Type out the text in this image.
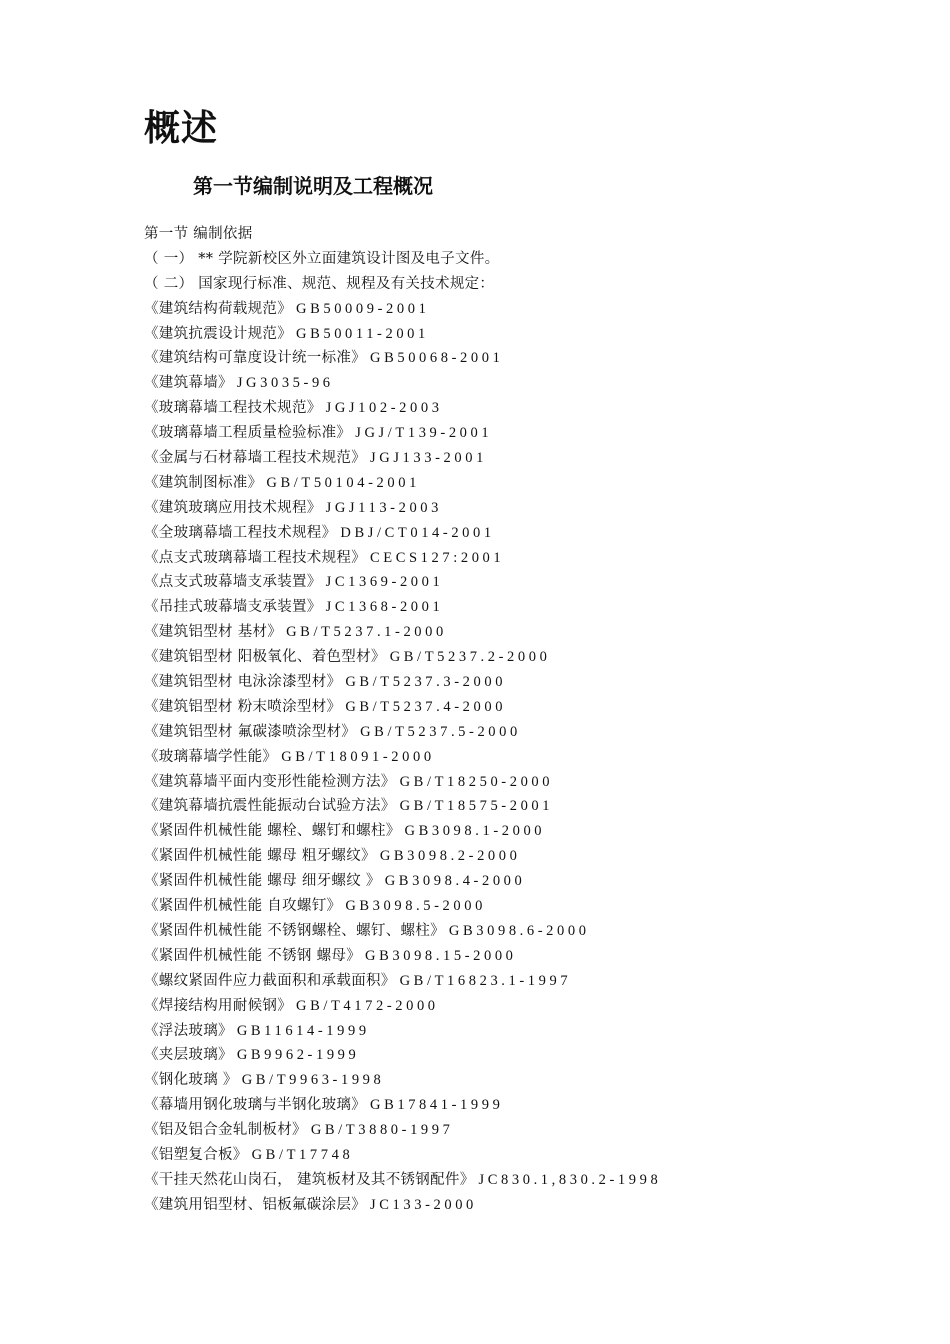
概述
第一节编制说明及工程概况
第一节 编制依据
（ 一） ** 学院新校区外立面建筑设计图及电子文件。
（ 二） 国家现行标准、规范、规程及有关技术规定：
《建筑结构荷载规范》 GB50009-2001
《建筑抗震设计规范》 GB50011-2001
《建筑结构可靠度设计统一标准》 GB50068-2001
《建筑幕墙》 JG3035-96
《玻璃幕墙工程技术规范》 JGJ102-2003
《玻璃幕墙工程质量检验标准》 JGJ/T139-2001
《金属与石材幕墙工程技术规范》 JGJ133-2001
《建筑制图标准》 GB/T50104-2001
《建筑玻璃应用技术规程》 JGJ113-2003
《全玻璃幕墙工程技术规程》 DBJ/CT014-2001
《点支式玻璃幕墙工程技术规程》 CECS127:2001
《点支式玻幕墙支承装置》 JC1369-2001
《吊挂式玻幕墙支承装置》 JC1368-2001
《建筑铝型材 基材》 GB/T5237.1-2000
《建筑铝型材 阳极氧化、着色型材》 GB/T5237.2-2000
《建筑铝型材 电泳涂漆型材》 GB/T5237.3-2000
《建筑铝型材 粉末喷涂型材》 GB/T5237.4-2000
《建筑铝型材 氟碳漆喷涂型材》 GB/T5237.5-2000
《玻璃幕墙学性能》 GB/T18091-2000
《建筑幕墙平面内变形性能检测方法》 GB/T18250-2000
《建筑幕墙抗震性能振动台试验方法》 GB/T18575-2001
《紧固件机械性能 螺栓、螺钉和螺柱》 GB3098.1-2000
《紧固件机械性能 螺母 粗牙螺纹》 GB3098.2-2000
《紧固件机械性能 螺母 细牙螺纹 》 GB3098.4-2000
《紧固件机械性能 自攻螺钉》 GB3098.5-2000
《紧固件机械性能 不锈钢螺栓、螺钉、螺柱》 GB3098.6-2000
《紧固件机械性能 不锈钢 螺母》 GB3098.15-2000
《螺纹紧固件应力截面积和承载面积》 GB/T16823.1-1997
《焊接结构用耐候钢》 GB/T4172-2000
《浮法玻璃》 GB11614-1999
《夹层玻璃》 GB9962-1999
《钢化玻璃 》 GB/T9963-1998
《幕墙用钢化玻璃与半钢化玻璃》 GB17841-1999
《铝及铝合金轧制板材》 GB/T3880-1997
《铝塑复合板》 GB/T17748
《干挂天然花山岗石， 建筑板材及其不锈钢配件》 JC830.1,830.2-1998
《建筑用铝型材、铝板氟碳涂层》 JC133-2000
